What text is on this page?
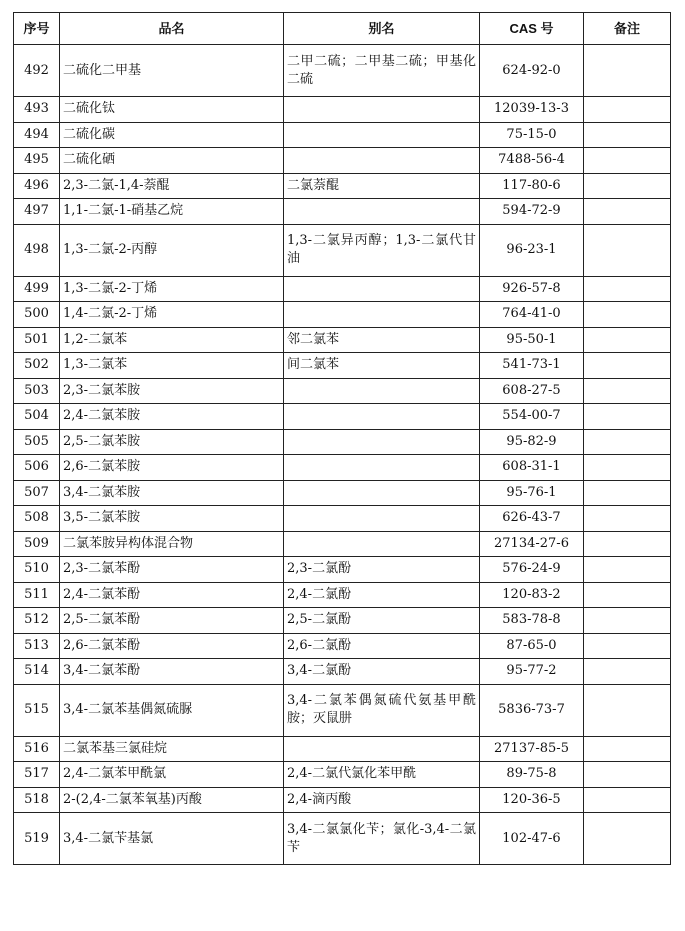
序号	品名	别名	CAS 号	备注
492	二硫化二甲基	二甲二硫；二甲基二硫；甲基化二硫	624-92-0	
493	二硫化钛		12039-13-3	
494	二硫化碳		75-15-0	
495	二硫化硒		7488-56-4	
496	2,3-二氯-1,4-萘醌	二氯萘醌	117-80-6	
497	1,1-二氯-1-硝基乙烷		594-72-9	
498	1,3-二氯-2-丙醇	1,3-二氯异丙醇；1,3-二氯代甘油	96-23-1	
499	1,3-二氯-2-丁烯		926-57-8	
500	1,4-二氯-2-丁烯		764-41-0	
501	1,2-二氯苯	邻二氯苯	95-50-1	
502	1,3-二氯苯	间二氯苯	541-73-1	
503	2,3-二氯苯胺		608-27-5	
504	2,4-二氯苯胺		554-00-7	
505	2,5-二氯苯胺		95-82-9	
506	2,6-二氯苯胺		608-31-1	
507	3,4-二氯苯胺		95-76-1	
508	3,5-二氯苯胺		626-43-7	
509	二氯苯胺异构体混合物		27134-27-6	
510	2,3-二氯苯酚	2,3-二氯酚	576-24-9	
511	2,4-二氯苯酚	2,4-二氯酚	120-83-2	
512	2,5-二氯苯酚	2,5-二氯酚	583-78-8	
513	2,6-二氯苯酚	2,6-二氯酚	87-65-0	
514	3,4-二氯苯酚	3,4-二氯酚	95-77-2	
515	3,4-二氯苯基偶氮硫脲	3,4-二氯苯偶氮硫代氨基甲酰胺；灭鼠肼	5836-73-7	
516	二氯苯基三氯硅烷		27137-85-5	
517	2,4-二氯苯甲酰氯	2,4-二氯代氯化苯甲酰	89-75-8	
518	2-(2,4-二氯苯氧基)丙酸	2,4-滴丙酸	120-36-5	
519	3,4-二氯苄基氯	3,4-二氯氯化苄；氯化-3,4-二氯苄	102-47-6	
